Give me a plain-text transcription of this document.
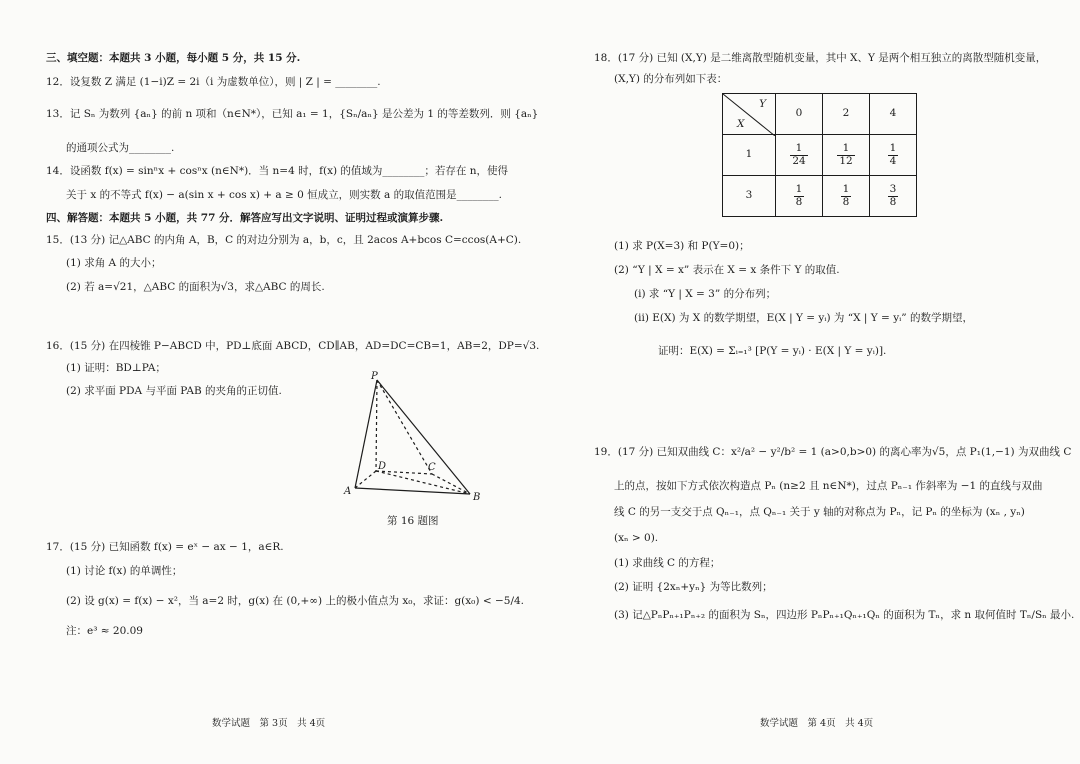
三、填空题：本题共 3 小题，每小题 5 分，共 15 分.
12．设复数 Z 满足 (1−i)Z = 2i（i 为虚数单位），则 | Z | = ________.
13．记 Sₙ 为数列 {aₙ} 的前 n 项和（n∈N*），已知 a₁ = 1，{Sₙ/aₙ} 是公差为 1 的等差数列．则 {aₙ}
的通项公式为________.
14．设函数 f(x) = sinⁿx + cosⁿx (n∈N*)．当 n=4 时，f(x) 的值域为________；若存在 n，使得
关于 x 的不等式 f(x) − a(sin x + cos x) + a ≥ 0 恒成立，则实数 a 的取值范围是________.
四、解答题：本题共 5 小题，共 77 分．解答应写出文字说明、证明过程或演算步骤.
15．(13 分) 记△ABC 的内角 A，B，C 的对边分别为 a，b，c，且 2acos A+bcos C=ccos(A+C).
(1) 求角 A 的大小；
(2) 若 a=√21，△ABC 的面积为√3，求△ABC 的周长.
16．(15 分) 在四棱锥 P−ABCD 中，PD⊥底面 ABCD，CD∥AB，AD=DC=CB=1，AB=2，DP=√3.
(1) 证明：BD⊥PA；
(2) 求平面 PDA 与平面 PAB 的夹角的正切值.
P
A
B
C
D
第 16 题图
17．(15 分) 已知函数 f(x) = eˣ − ax − 1，a∈R.
(1) 讨论 f(x) 的单调性；
(2) 设 g(x) = f(x) − x²，当 a=2 时，g(x) 在 (0,+∞) 上的极小值点为 x₀，求证：g(x₀) < −5/4.
注：e³ ≈ 20.09
数学试题　第 3页　共 4页
18．(17 分) 已知 (X,Y) 是二维离散型随机变量，其中 X、Y 是两个相互独立的离散型随机变量，
(X,Y) 的分布列如下表：
Y
X	0	2	4
1	$\frac{1}{24}$	$\frac{1}{12}$	$\frac{1}{4}$

3	$\frac{1}{8}$	$\frac{1}{8}$	$\frac{3}{8}$
(1) 求 P(X=3) 和 P(Y=0)；
(2) “Y | X = x” 表示在 X = x 条件下 Y 的取值.
(i) 求 “Y | X = 3” 的分布列；
(ii) E(X) 为 X 的数学期望，E(X | Y = yᵢ) 为 “X | Y = yᵢ” 的数学期望，
证明：E(X) = Σᵢ₌₁³ [P(Y = yᵢ) · E(X | Y = yᵢ)].
19．(17 分) 已知双曲线 C：x²/a² − y²/b² = 1 (a>0,b>0) 的离心率为√5，点 P₁(1,−1) 为双曲线 C
上的点，按如下方式依次构造点 Pₙ (n≥2 且 n∈N*)，过点 Pₙ₋₁ 作斜率为 −1 的直线与双曲
线 C 的另一支交于点 Qₙ₋₁，点 Qₙ₋₁ 关于 y 轴的对称点为 Pₙ，记 Pₙ 的坐标为 (xₙ , yₙ)
(xₙ > 0).
(1) 求曲线 C 的方程；
(2) 证明 {2xₙ+yₙ} 为等比数列；
(3) 记△PₙPₙ₊₁Pₙ₊₂ 的面积为 Sₙ，四边形 PₙPₙ₊₁Qₙ₊₁Qₙ 的面积为 Tₙ，求 n 取何值时 Tₙ/Sₙ 最小.
数学试题　第 4页　共 4页
